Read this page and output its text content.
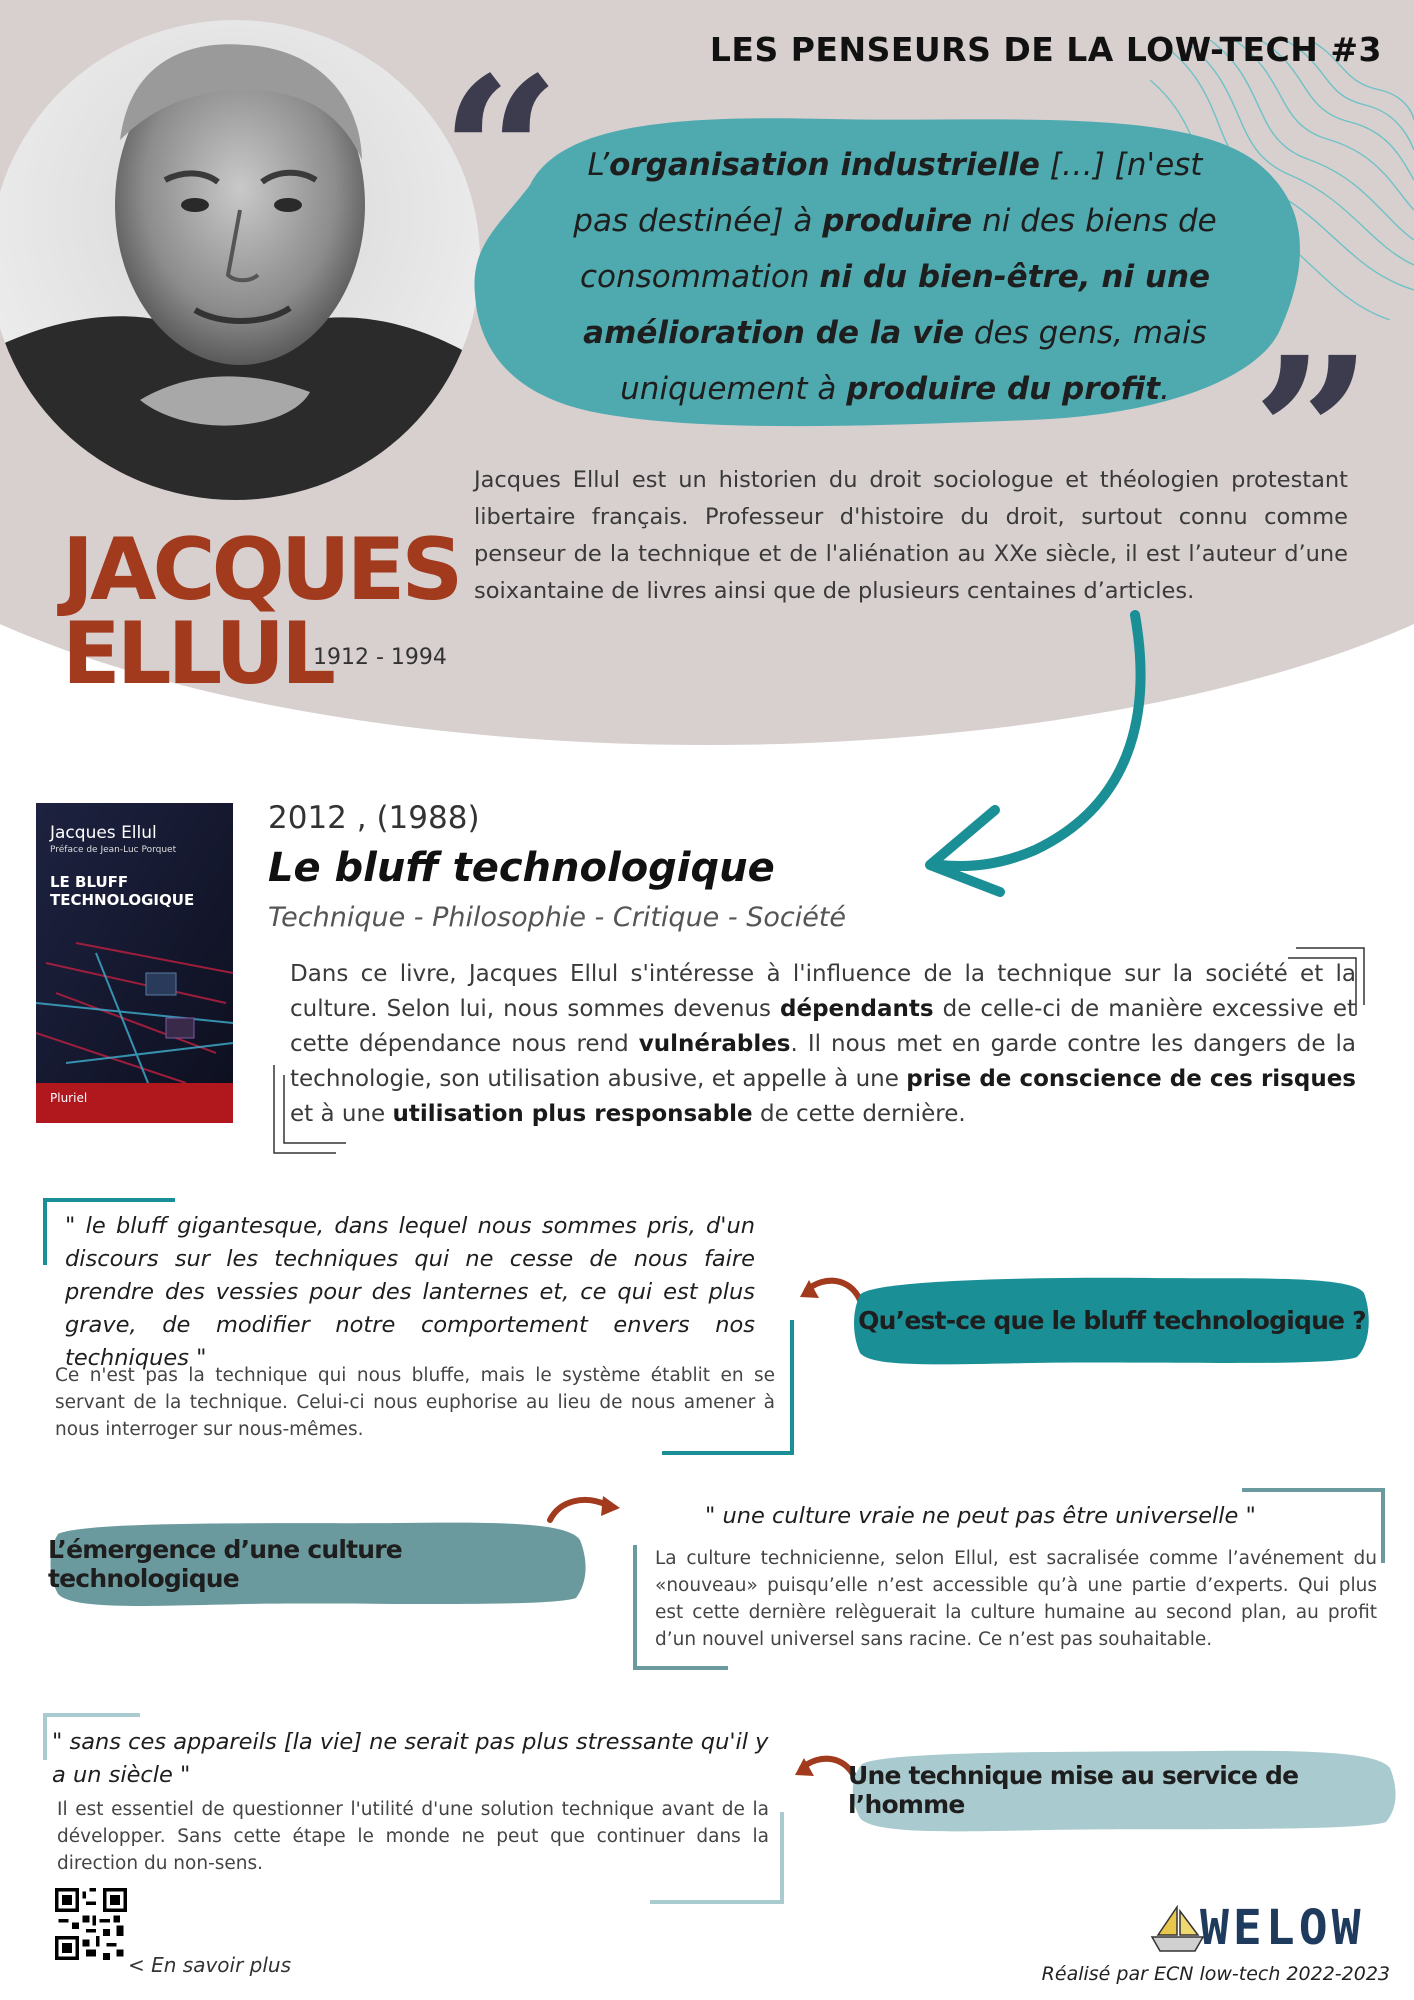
LES PENSEURS DE LA LOW-TECH #3
JACQUES
ELLUL
1912 - 1994
“
”
L’organisation industrielle […] [n'est pas destinée] à produire ni des biens de consommation ni du bien-être, ni une amélioration de la vie des gens, mais uniquement à produire du profit.
Jacques Ellul est un historien du droit sociologue et théologien protestant libertaire français. Professeur d'histoire du droit, surtout connu comme penseur de la technique et de l'aliénation au XXe siècle, il est l’auteur d’une soixantaine de livres ainsi que de plusieurs centaines d’articles.
Jacques Ellul
Préface de Jean-Luc Porquet
LE BLUFF
TECHNOLOGIQUE
Pluriel
2012 , (1988)
Le bluff technologique
Technique - Philosophie - Critique - Société
Dans ce livre, Jacques Ellul s'intéresse à l'influence de la technique sur la société et la culture. Selon lui, nous sommes devenus dépendants de celle-ci de manière excessive et cette dépendance nous rend vulnérables. Il nous met en garde contre les dangers de la technologie, son utilisation abusive, et appelle à une prise de conscience de ces risques et à une utilisation plus responsable de cette dernière.
" le bluff gigantesque, dans lequel nous sommes pris, d'un discours sur les techniques qui ne cesse de nous faire prendre des vessies pour des lanternes et, ce qui est plus grave, de modifier notre comportement envers nos techniques "
Ce n'est pas la technique qui nous bluffe, mais le système établit en se servant de la technique. Celui-ci nous euphorise au lieu de nous amener à nous interroger sur nous-mêmes.
Qu’est-ce que le bluff technologique ?
L’émergence d’une culture technologique
" une culture vraie ne peut pas être universelle "
La culture technicienne, selon Ellul, est sacralisée comme l’avénement du «nouveau» puisqu’elle n’est accessible qu’à une partie d’experts. Qui plus est cette dernière relèguerait la culture humaine au second plan, au profit d’un nouvel universel sans racine. Ce n’est pas souhaitable.
" sans ces appareils [la vie] ne serait pas plus stressante qu'il y a un siècle "
Il est essentiel de questionner l'utilité d'une solution technique avant de la développer. Sans cette étape le monde ne peut que continuer dans la direction du non-sens.
Une technique mise au service de l’homme
< En savoir plus
WELOW
Réalisé par ECN low-tech 2022-2023
